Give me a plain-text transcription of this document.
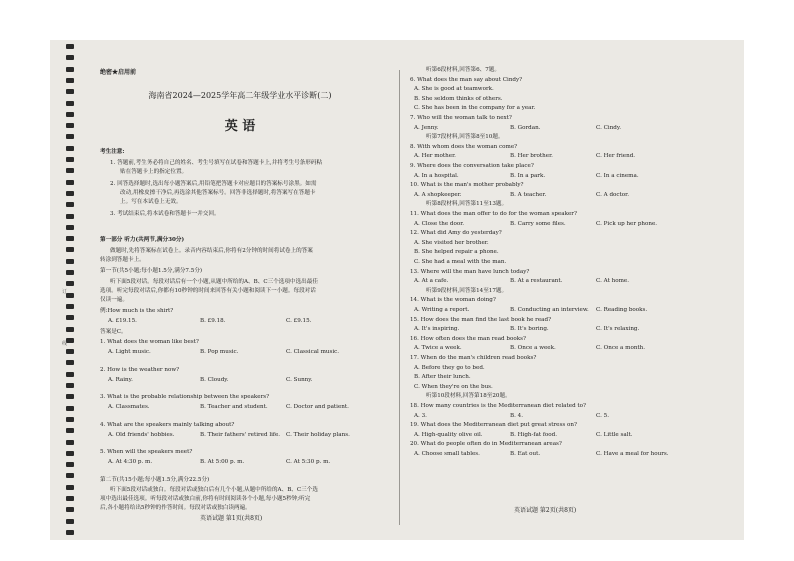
订
线
绝密★启用前
海南省2024—2025学年高二年级学业水平诊断(二)
英 语
考生注意:
1. 答题前,考生务必将自己的姓名、考生号填写在试卷和答题卡上,并将考生号条形码粘
贴在答题卡上的指定位置。
2. 回答选择题时,选出每小题答案后,用铅笔把答题卡对应题目的答案标号涂黑。如需
改动,用橡皮擦干净后,再选涂其他答案标号。回答非选择题时,将答案写在答题卡
上。写在本试卷上无效。
3. 考试结束后,将本试卷和答题卡一并交回。
第一部分 听力(共两节,满分30分)
做题时,先将答案标在试卷上。录音内容结束后,你将有2分钟的时间将试卷上的答案
转涂到答题卡上。
第一节(共5小题;每小题1.5分,满分7.5分)
听下面5段对话。每段对话后有一个小题,从题中所给的A、B、C三个选项中选出最佳
选项。听完每段对话后,你都有10秒钟的时间来回答有关小题和阅读下一小题。每段对话
仅读一遍。
例:How much is the shirt?
A. £19.15.	B. £9.18.	C. £9.15.
答案是C。
第二节(共15小题;每小题1.5分,满分22.5分)
听下面5段对话或独白。每段对话或独白后有几个小题,从题中所给的A、B、C三个选
项中选出最佳选项。听每段对话或独白前,你将有时间阅读各个小题,每小题5秒钟;听完
后,各小题将给出5秒钟的作答时间。每段对话或独白读两遍。
1. What does the woman like best?
A. Light music.	B. Pop music.	C. Classical music.
2. How is the weather now?
A. Rainy.	B. Cloudy.	C. Sunny.
3. What is the probable relationship between the speakers?
A. Classmates.	B. Teacher and student.	C. Doctor and patient.
4. What are the speakers mainly talking about?
A. Old friends' hobbies.	B. Their fathers' retired life. C. Their holiday plans.
5. When will the speakers meet?
A. At 4:30 p. m.	B. At 5:00 p. m.	C. At 5:30 p. m.
听第6段材料,回答第6、7题。
6. What does the man say about Cindy?
A. She is good at teamwork.
B. She seldom thinks of others.
C. She has been in the company for a year.
7. Who will the woman talk to next?
A. Jenny.	B. Gordan.	C. Cindy.
听第7段材料,回答第8至10题。
8. With whom does the woman come?
A. Her mother.	B. Her brother.	C. Her friend.
9. Where does the conversation take place?
A. In a hospital.	B. In a park.	C. In a cinema.
10. What is the man's mother probably?
A. A shopkeeper.	B. A teacher.	C. A doctor.
听第8段材料,回答第11至13题。
11. What does the man offer to do for the woman speaker?
A. Close the door.	B. Carry some files.	C. Pick up her phone.
12. What did Amy do yesterday?
A. She visited her brother.
B. She helped repair a phone.
C. She had a meal with the man.
13. Where will the man have lunch today?
A. At a cafe.	B. At a restaurant.	C. At home.
听第9段材料,回答第14至17题。
14. What is the woman doing?
A. Writing a report.	B. Conducting an interview. C. Reading books.
15. How does the man find the last book he read?
A. It's inspiring.	B. It's boring.	C. It's relaxing.
16. How often does the man read books?
A. Twice a week.	B. Once a week.	C. Once a month.
17. When do the man's children read books?
A. Before they go to bed.
B. After their lunch.
C. When they're on the bus.
听第10段材料,回答第18至20题。
18. How many countries is the Mediterranean diet related to?
A. 3.	B. 4.	C. 5.
19. What does the Mediterranean diet put great stress on?
A. High-quality olive oil.	B. High-fat food.	C. Little salt.
20. What do people often do in Mediterranean areas?
A. Choose small tables.	B. Eat out.	C. Have a meal for hours.
英语试题 第1页(共8页)
英语试题 第2页(共8页)
